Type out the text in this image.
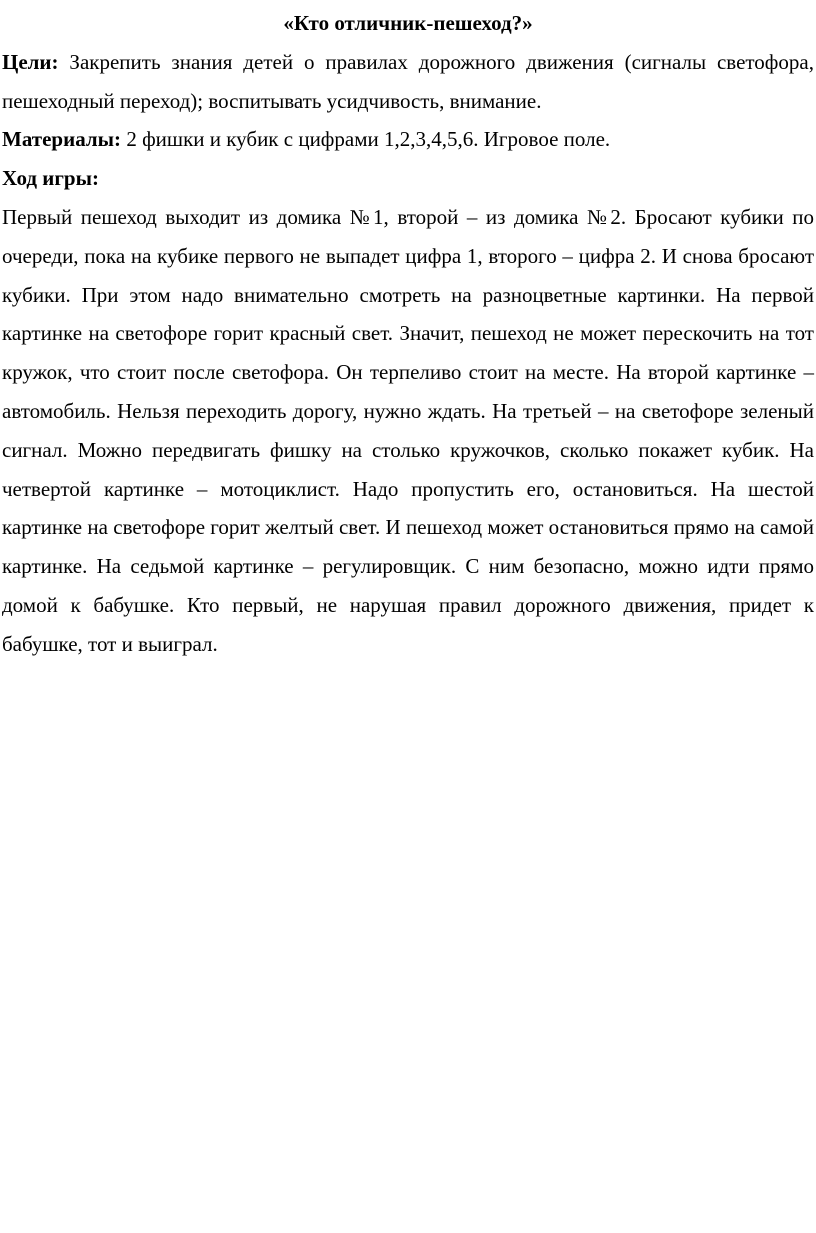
«Кто отличник-пешеход?»

Цели: Закрепить знания детей о правилах дорожного движения (сигналы светофора, пешеходный переход); воспитывать усидчивость, внимание.

Материалы: 2 фишки и кубик с цифрами 1,2,3,4,5,6. Игровое поле.

Ход игры:

Первый пешеход выходит из домика №1, второй – из домика №2. Бросают кубики по очереди, пока на кубике первого не выпадет цифра 1, второго – цифра 2. И снова бросают кубики. При этом надо внимательно смотреть на разноцветные картинки. На первой картинке на светофоре горит красный свет. Значит, пешеход не может перескочить на тот кружок, что стоит после светофора. Он терпеливо стоит на месте. На второй картинке – автомобиль. Нельзя переходить дорогу, нужно ждать. На третьей – на светофоре зеленый сигнал. Можно передвигать фишку на столько кружочков, сколько покажет кубик. На четвертой картинке – мотоциклист. Надо пропустить его, остановиться. На шестой картинке на светофоре горит желтый свет. И пешеход может остановиться прямо на самой картинке. На седьмой картинке – регулировщик. С ним безопасно, можно идти прямо домой к бабушке. Кто первый, не нарушая правил дорожного движения, придет к бабушке, тот и выиграл.
